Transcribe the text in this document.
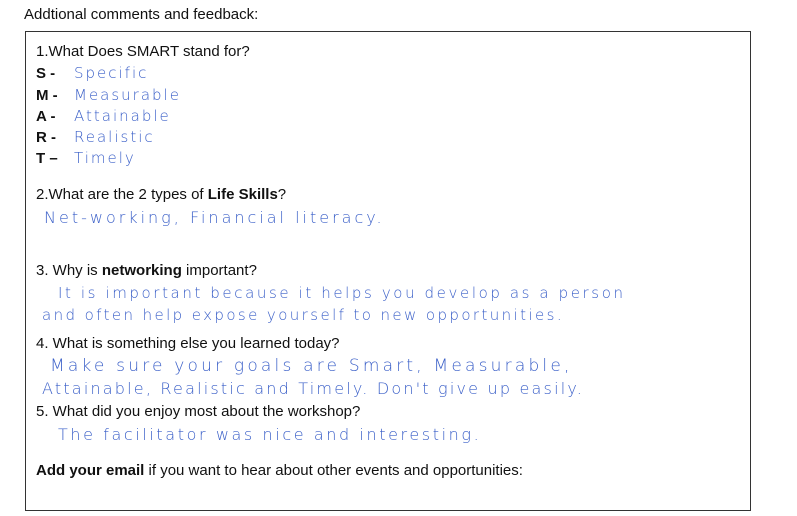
Addtional comments and feedback:
1.What Does SMART stand for?
S - Specific
M - Measurable
A - Attainable
R - Realistic
T – Timely
2.What are the 2 types of Life Skills?
Net-working, Financial literacy.
3. Why is networking important?
It is important because it helps you develop as a person
and often help expose yourself to new opportunities.
4. What is something else you learned today?
Make sure your goals are Smart, Measurable,
Attainable, Realistic and Timely. Don't give up easily.
5. What did you enjoy most about the workshop?
The facilitator was nice and interesting.
Add your email if you want to hear about other events and opportunities:
